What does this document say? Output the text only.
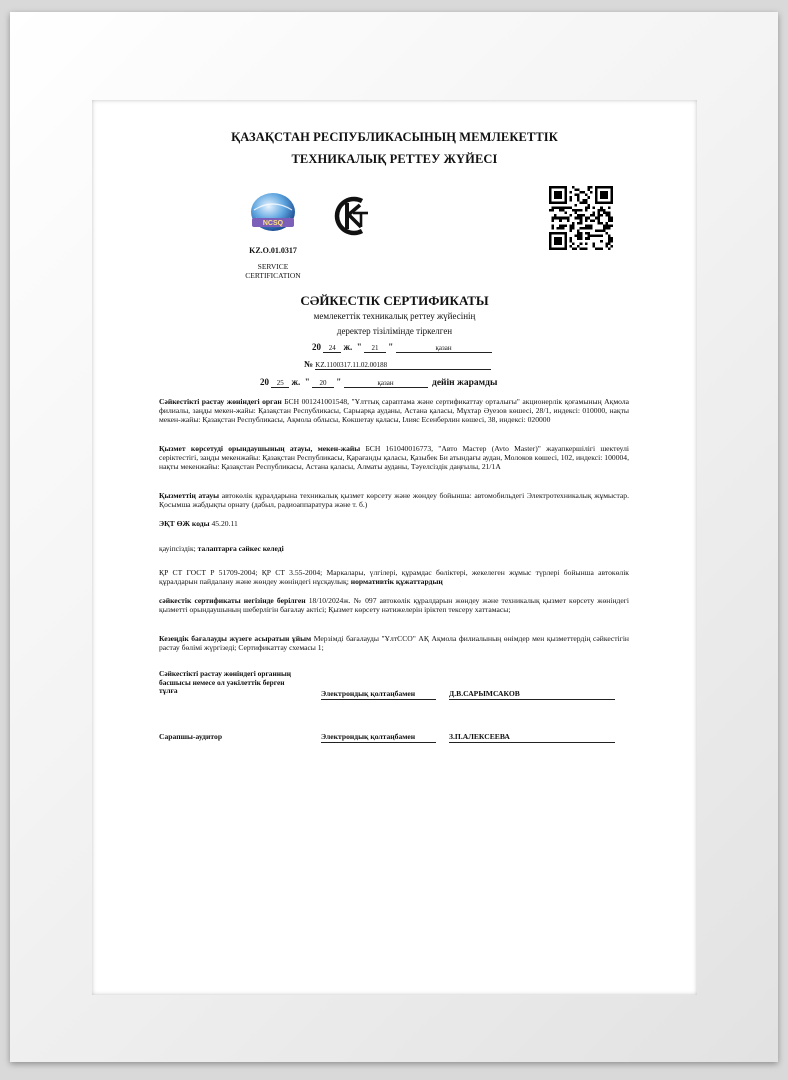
ҚАЗАҚСТАН РЕСПУБЛИКАСЫНЫҢ МЕМЛЕКЕТТІК
ТЕХНИКАЛЫҚ РЕТТЕУ ЖҮЙЕСІ
NCSQ
KZ.O.01.0317
SERVICE
CERTIFICATION
СӘЙКЕСТІК СЕРТИФИКАТЫ
мемлекеттік техникалық реттеу жүйесінің
деректер тізілімінде тіркелген
20 24 ж. " 21 "	қазан
№ KZ.1100317.11.02.00188
20 25 ж. " 20 "	қазан	дейін жарамды
Сәйкестікті растау жөніндегі орган БСН 001241001548, "Ұлттық сараптама және сертификаттау орталығы" акционерлік қоғамының Ақмола филиалы, заңды мекен-жайы: Қазақстан Республикасы, Сарыарқа ауданы, Астана қаласы, Мұхтар Әуезов көшесі, 28/1, индексі: 010000, нақты мекен-жайы: Қазақстан Республикасы, Ақмола облысы, Көкшетау қаласы, Ілияс Есенберлин көшесі, 38, индексі: 020000
Қызмет көрсетуді орындаушының атауы, мекен-жайы БСН 161040016773, "Авто Мастер (Avto Master)" жауапкершілігі шектеулі серіктестігі, заңды мекенжайы: Қазақстан Республикасы, Қарағанды қаласы, Қазыбек Би атындағы аудан, Молоков көшесі, 102, индексі: 100004, нақты мекенжайы: Қазақстан Республикасы, Астана қаласы, Алматы ауданы, Тәуелсіздік даңғылы, 21/1А
Қызметтің атауы автокөлік құралдарына техникалық қызмет көрсету және жөндеу бойынша: автомобильдегі Электротехникалық жұмыстар. Қосымша жабдықты орнату (дабыл, радиоаппаратура және т. б.)
ЭҚТ ӨЖ коды 45.20.11
қауіпсіздік; талаптарға сәйкес келеді
ҚР СТ ГОСТ Р 51709-2004; ҚР СТ 3.55-2004; Маркалары, үлгілері, құрамдас бөліктері, жекелеген жұмыс түрлері бойынша автокөлік құралдарын пайдалану және жөндеу жөніндегі нұсқаулық; нормативтік құжаттардың
сәйкестік сертификаты негізінде берілген 18/10/2024ж. № 097 автокөлік құралдарын жөндеу және техникалық қызмет көрсету жөніндегі қызметті орындаушының шеберлігін бағалау актісі; Қызмет көрсету нәтижелерін іріктеп тексеру хаттамасы;
Кезеңдік бағалауды жүзеге асыратын ұйым Мерзімді бағалауды "ҰлтССО" АҚ Ақмола филиалының өнімдер мен қызметтердің сәйкестігін растау бөлімі жүргізеді; Сертификаттау схемасы 1;
Сәйкестікті растау жөніндегі органның
басшысы немесе ол уәкілеттік берген
тұлға	Электрондық қолтаңбамен	Д.В.САРЫМСАКОВ
Сарапшы-аудитор	Электрондық қолтаңбамен	З.П.АЛЕКСЕЕВА
